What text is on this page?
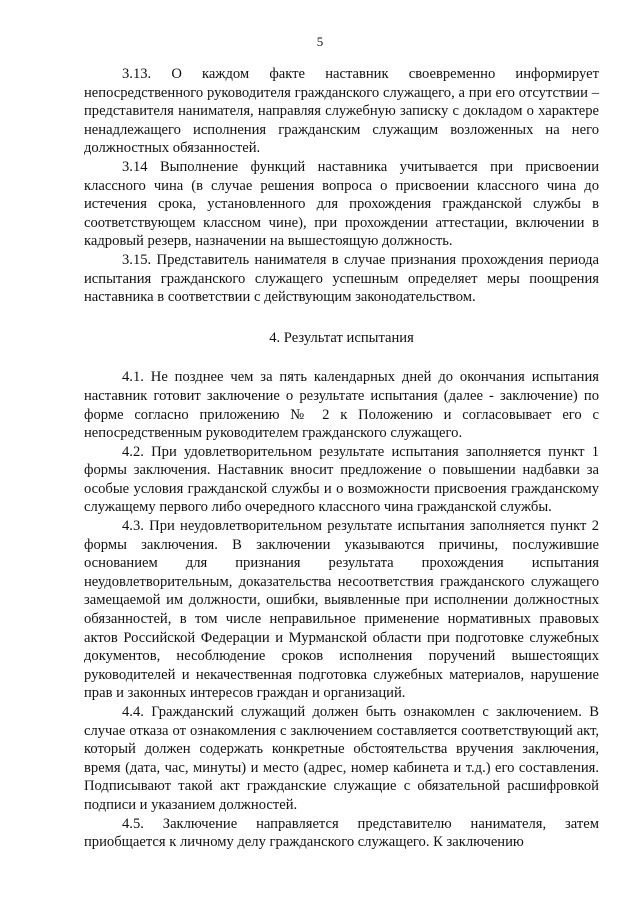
5

3.13. О каждом факте наставник своевременно информирует непосредственного руководителя гражданского служащего, а при его отсутствии – представителя нанимателя, направляя служебную записку с докладом о характере ненадлежащего исполнения гражданским служащим возложенных на него должностных обязанностей.

3.14 Выполнение функций наставника учитывается при присвоении классного чина (в случае решения вопроса о присвоении классного чина до истечения срока, установленного для прохождения гражданской службы в соответствующем классном чине), при прохождении аттестации, включении в кадровый резерв, назначении на вышестоящую должность.

3.15. Представитель нанимателя в случае признания прохождения периода испытания гражданского служащего успешным определяет меры поощрения наставника в соответствии с действующим законодательством.

4. Результат испытания

4.1. Не позднее чем за пять календарных дней до окончания испытания наставник готовит заключение о результате испытания (далее - заключение) по форме согласно приложению № 2 к Положению и согласовывает его с непосредственным руководителем гражданского служащего.

4.2. При удовлетворительном результате испытания заполняется пункт 1 формы заключения. Наставник вносит предложение о повышении надбавки за особые условия гражданской службы и о возможности присвоения гражданскому служащему первого либо очередного классного чина гражданской службы.

4.3. При неудовлетворительном результате испытания заполняется пункт 2 формы заключения. В заключении указываются причины, послужившие основанием для признания результата прохождения испытания неудовлетворительным, доказательства несоответствия гражданского служащего замещаемой им должности, ошибки, выявленные при исполнении должностных обязанностей, в том числе неправильное применение нормативных правовых актов Российской Федерации и Мурманской области при подготовке служебных документов, несоблюдение сроков исполнения поручений вышестоящих руководителей и некачественная подготовка служебных материалов, нарушение прав и законных интересов граждан и организаций.

4.4. Гражданский служащий должен быть ознакомлен с заключением. В случае отказа от ознакомления с заключением составляется соответствующий акт, который должен содержать конкретные обстоятельства вручения заключения, время (дата, час, минуты) и место (адрес, номер кабинета и т.д.) его составления. Подписывают такой акт гражданские служащие с обязательной расшифровкой подписи и указанием должностей.

4.5. Заключение направляется представителю нанимателя, затем приобщается к личному делу гражданского служащего. К заключению
